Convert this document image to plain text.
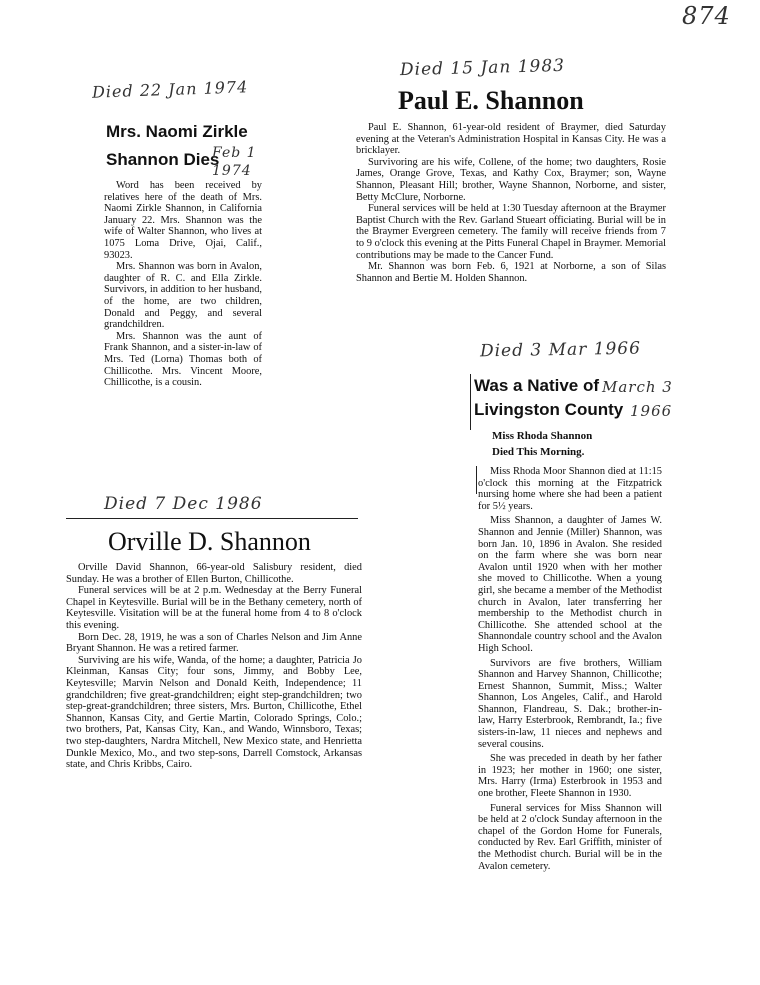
874
Died 22 Jan 1974
Mrs. Naomi Zirkle
Shannon Dies
Feb 1 1974

Word has been received by relatives here of the death of Mrs. Naomi Zirkle Shannon, in California January 22. Mrs. Shannon was the wife of Walter Shannon, who lives at 1075 Loma Drive, Ojai, Calif., 93023.

Mrs. Shannon was born in Avalon, daughter of R. C. and Ella Zirkle. Survivors, in addition to her husband, of the home, are two children, Donald and Peggy, and several grandchildren.

Mrs. Shannon was the aunt of Frank Shannon, and a sister-in-law of Mrs. Ted (Lorna) Thomas both of Chillicothe. Mrs. Vincent Moore, Chillicothe, is a cousin.

Died 15 Jan 1983
Paul E. Shannon

Paul E. Shannon, 61-year-old resident of Braymer, died Saturday evening at the Veteran's Administration Hospital in Kansas City. He was a bricklayer.

Survivoring are his wife, Collene, of the home; two daughters, Rosie James, Orange Grove, Texas, and Kathy Cox, Braymer; son, Wayne Shannon, Pleasant Hill; brother, Wayne Shannon, Norborne, and sister, Betty McClure, Norborne.

Funeral services will be held at 1:30 Tuesday afternoon at the Braymer Baptist Church with the Rev. Garland Stueart officiating. Burial will be in the Braymer Evergreen cemetery. The family will receive friends from 7 to 9 o'clock this evening at the Pitts Funeral Chapel in Braymer. Memorial contributions may be made to the Cancer Fund.

Mr. Shannon was born Feb. 6, 1921 at Norborne, a son of Silas Shannon and Bertie M. Holden Shannon.

Died 7 Dec 1986
Orville D. Shannon

Orville David Shannon, 66-year-old Salisbury resident, died Sunday. He was a brother of Ellen Burton, Chillicothe.

Funeral services will be at 2 p.m. Wednesday at the Berry Funeral Chapel in Keytesville. Burial will be in the Bethany cemetery, north of Keytesville. Visitation will be at the funeral home from 4 to 8 o'clock this evening.

Born Dec. 28, 1919, he was a son of Charles Nelson and Jim Anne Bryant Shannon. He was a retired farmer.

Surviving are his wife, Wanda, of the home; a daughter, Patricia Jo Kleinman, Kansas City; four sons, Jimmy, and Bobby Lee, Keytesville; Marvin Nelson and Donald Keith, Independence; 11 grandchildren; five great-grandchildren; eight step-grandchildren; two step-great-grandchildren; three sisters, Mrs. Burton, Chillicothe, Ethel Shannon, Kansas City, and Gertie Martin, Colorado Springs, Colo.; two brothers, Pat, Kansas City, Kan., and Wando, Winnsboro, Texas; two step-daughters, Nardra Mitchell, New Mexico state, and Henrietta Dunkle Mexico, Mo., and two step-sons, Darrell Comstock, Arkansas state, and Chris Kribbs, Cairo.

Died 3 Mar 1966
Was a Native of
Livingston County
March 3
1966
Miss Rhoda Shannon
Died This Morning.

Miss Rhoda Moor Shannon died at 11:15 o'clock this morning at the Fitzpatrick nursing home where she had been a patient for 5½ years.

Miss Shannon, a daughter of James W. Shannon and Jennie (Miller) Shannon, was born Jan. 10, 1896 in Avalon. She resided on the farm where she was born near Avalon until 1920 when with her mother she moved to Chillicothe. When a young girl, she became a member of the Methodist church in Avalon, later transferring her membership to the Methodist church in Chillicothe. She attended school at the Shannondale country school and the Avalon High School.

Survivors are five brothers, William Shannon and Harvey Shannon, Chillicothe; Ernest Shannon, Summit, Miss.; Walter Shannon, Los Angeles, Calif., and Harold Shannon, Flandreau, S. Dak.; brother-in-law, Harry Esterbrook, Rembrandt, Ia.; five sisters-in-law, 11 nieces and nephews and several cousins.

She was preceded in death by her father in 1923; her mother in 1960; one sister, Mrs. Harry (Irma) Esterbrook in 1953 and one brother, Fleete Shannon in 1930.

Funeral services for Miss Shannon will be held at 2 o'clock Sunday afternoon in the chapel of the Gordon Home for Funerals, conducted by Rev. Earl Griffith, minister of the Methodist church. Burial will be in the Avalon cemetery.
